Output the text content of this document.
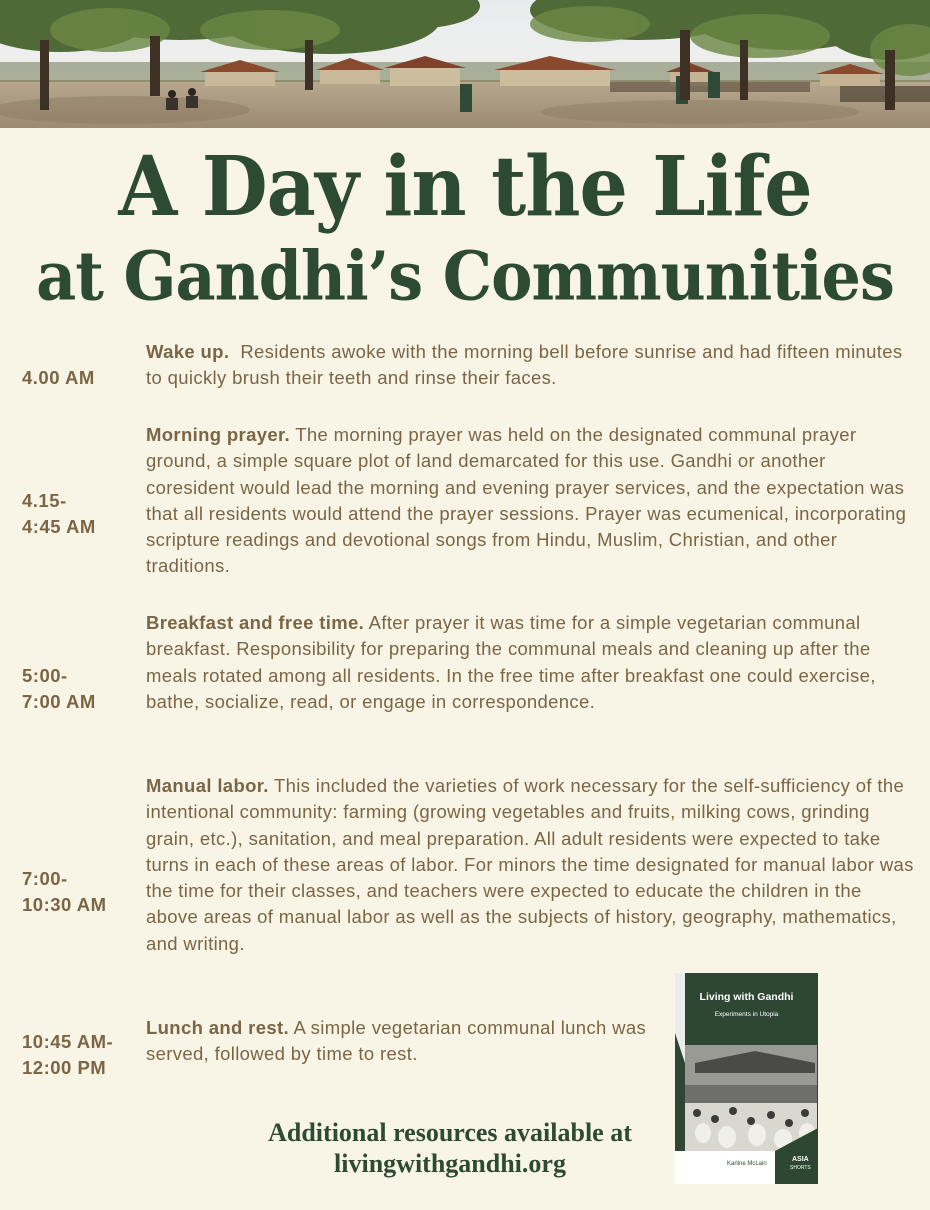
A Day in the Life
at Gandhi’s Communities
4.00 AM
Wake up. Residents awoke with the morning bell before sunrise and had fifteen minutes to quickly brush their teeth and rinse their faces.
4.15-
4:45 AM
Morning prayer. The morning prayer was held on the designated communal prayer ground, a simple square plot of land demarcated for this use. Gandhi or another coresident would lead the morning and evening prayer services, and the expectation was that all residents would attend the prayer sessions. Prayer was ecumenical, incorporating scripture readings and devotional songs from Hindu, Muslim, Christian, and other traditions.
5:00-
7:00 AM
Breakfast and free time. After prayer it was time for a simple vegetarian communal breakfast. Responsibility for preparing the communal meals and cleaning up after the meals rotated among all residents. In the free time after breakfast one could exercise, bathe, socialize, read, or engage in correspondence.
7:00-
10:30 AM
Manual labor. This included the varieties of work necessary for the self-sufficiency of the intentional community: farming (growing vegetables and fruits, milking cows, grinding grain, etc.), sanitation, and meal preparation. All adult residents were expected to take turns in each of these areas of labor. For minors the time designated for manual labor was the time for their classes, and teachers were expected to educate the children in the above areas of manual labor as well as the subjects of history, geography, mathematics, and writing.
10:45 AM-
12:00 PM
Lunch and rest. A simple vegetarian communal lunch was served, followed by time to rest.
Additional resources available at
livingwithgandhi.org
Living with Gandhi
Experiments in Utopia
Karline McLain
ASIA
SHORTS
